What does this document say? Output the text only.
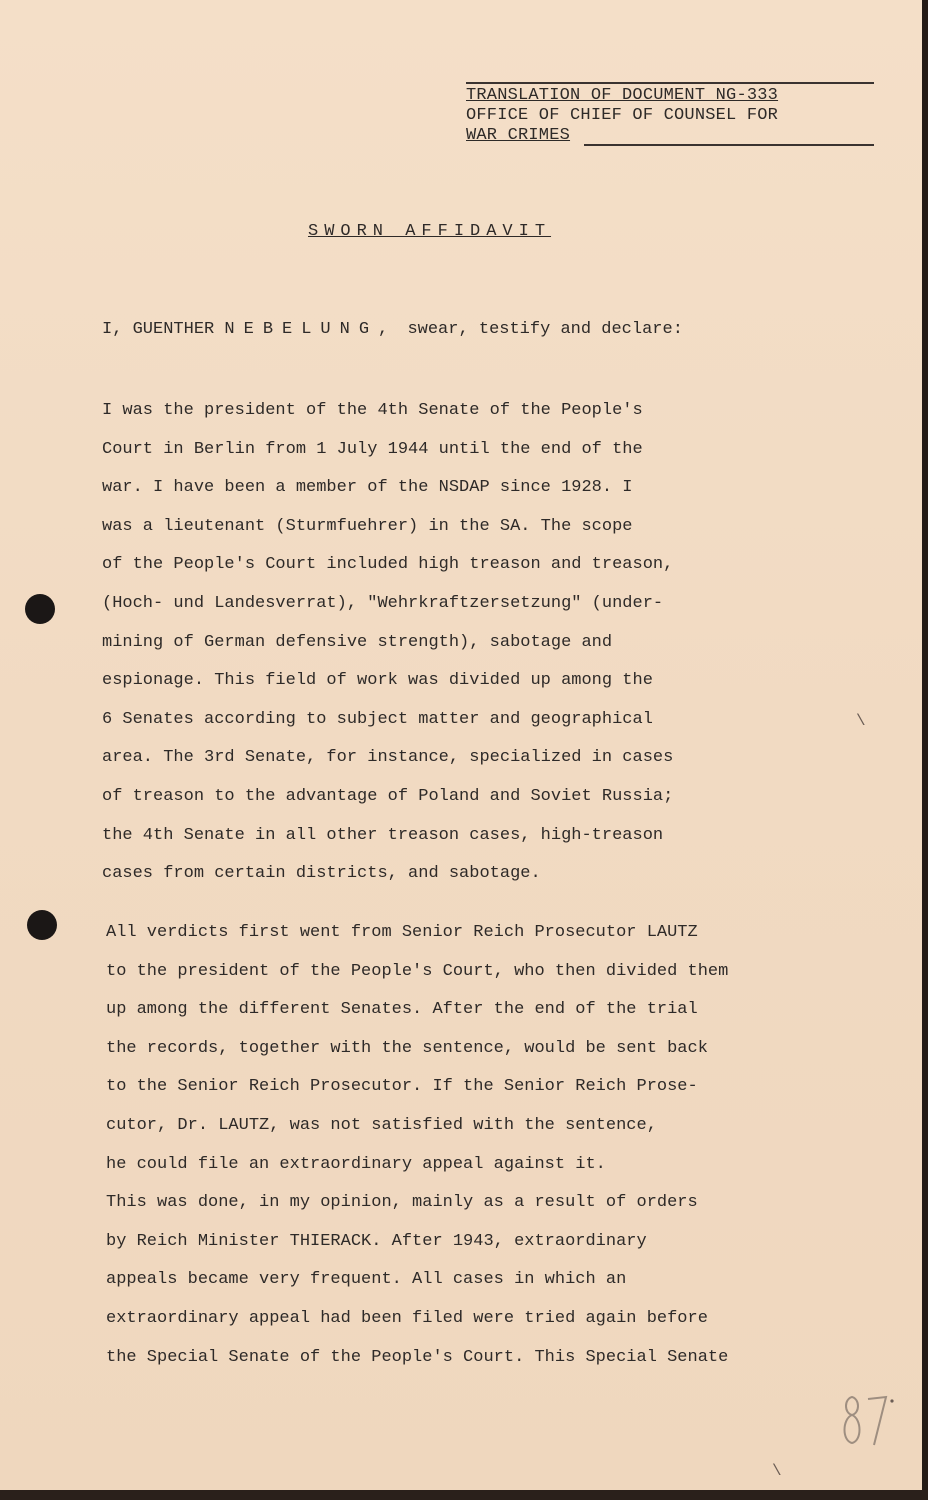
TRANSLATION OF DOCUMENT NG-333
OFFICE OF CHIEF OF COUNSEL FOR
WAR CRIMES
SWORN AFFIDAVIT
I, GUENTHER NEBELUNG, swear, testify and declare:
I was the president of the 4th Senate of the People's
Court in Berlin from 1 July 1944 until the end of the
war. I have been a member of the NSDAP since 1928. I
was a lieutenant (Sturmfuehrer) in the SA. The scope
of the People's Court included high treason and treason,
(Hoch- und Landesverrat), "Wehrkraftzersetzung" (under-
mining of German defensive strength), sabotage and
espionage. This field of work was divided up among the
6 Senates according to subject matter and geographical
area. The 3rd Senate, for instance, specialized in cases
of treason to the advantage of Poland and Soviet Russia;
the 4th Senate in all other treason cases, high-treason
cases from certain districts, and sabotage.
All verdicts first went from Senior Reich Prosecutor LAUTZ
to the president of the People's Court, who then divided them
up among the different Senates. After the end of the trial
the records, together with the sentence, would be sent back
to the Senior Reich Prosecutor. If the Senior Reich Prose-
cutor, Dr. LAUTZ, was not satisfied with the sentence,
he could file an extraordinary appeal against it.
This was done, in my opinion, mainly as a result of orders
by Reich Minister THIERACK. After 1943, extraordinary
appeals became very frequent. All cases in which an
extraordinary appeal had been filed were tried again before
the Special Senate of the People's Court. This Special Senate
87
\
\
